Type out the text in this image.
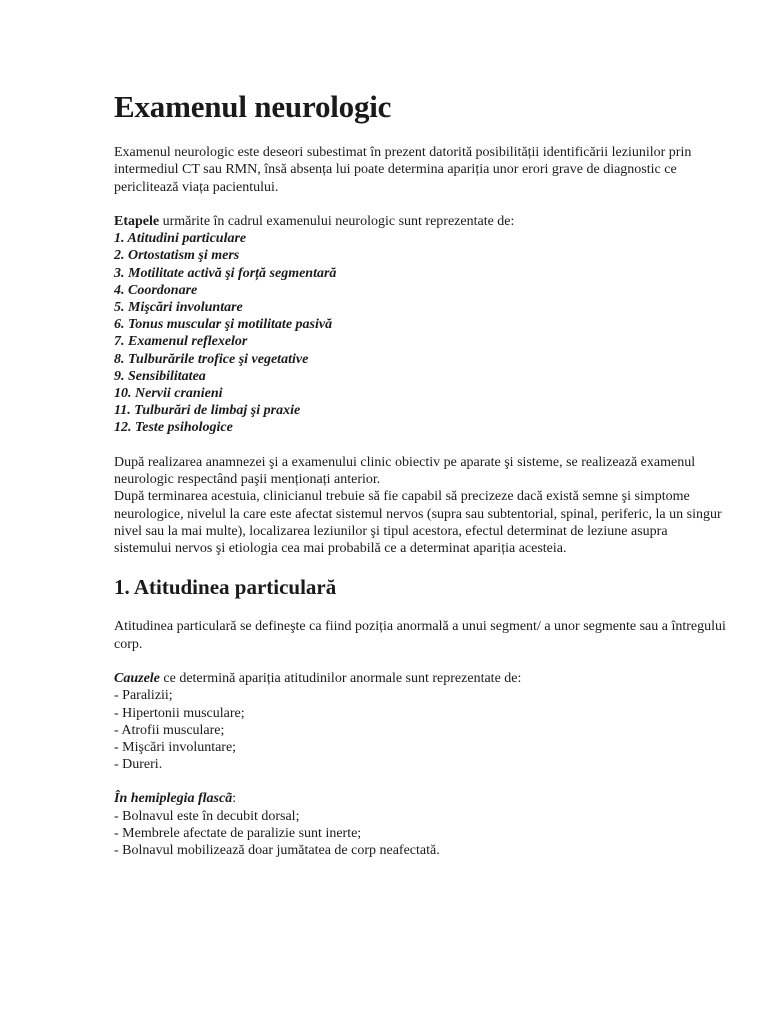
Examenul neurologic

Examenul neurologic este deseori subestimat în prezent datorită posibilității identificării leziunilor prin intermediul CT sau RMN, însă absența lui poate determina apariția unor erori grave de diagnostic ce periclitează viața pacientului.

Etapele urmărite în cadrul examenului neurologic sunt reprezentate de:
1. Atitudini particulare
2. Ortostatism şi mers
3. Motilitate activă şi forță segmentară
4. Coordonare
5. Mişcări involuntare
6. Tonus muscular şi motilitate pasivă
7. Examenul reflexelor
8. Tulburările trofice şi vegetative
9. Sensibilitatea
10. Nervii cranieni
11. Tulburări de limbaj şi praxie
12. Teste psihologice

După realizarea anamnezei şi a examenului clinic obiectiv pe aparate şi sisteme, se realizează examenul neurologic respectând paşii menționați anterior.
După terminarea acestuia, clinicianul trebuie să fie capabil să precizeze dacă există semne şi simptome neurologice, nivelul la care este afectat sistemul nervos (supra sau subtentorial, spinal, periferic, la un singur nivel sau la mai multe), localizarea leziunilor şi tipul acestora, efectul determinat de leziune asupra sistemului nervos şi etiologia cea mai probabilă ce a determinat apariția acesteia.

1. Atitudinea particulară

Atitudinea particulară se defineşte ca fiind poziția anormală a unui segment/ a unor segmente sau a întregului corp.

Cauzele ce determină apariția atitudinilor anormale sunt reprezentate de:
- Paralizii;
- Hipertonii musculare;
- Atrofii musculare;
- Mişcări involuntare;
- Dureri.
În hemiplegia flascã:
- Bolnavul este în decubit dorsal;
- Membrele afectate de paralizie sunt inerte;
- Bolnavul mobilizează doar jumătatea de corp neafectată.
